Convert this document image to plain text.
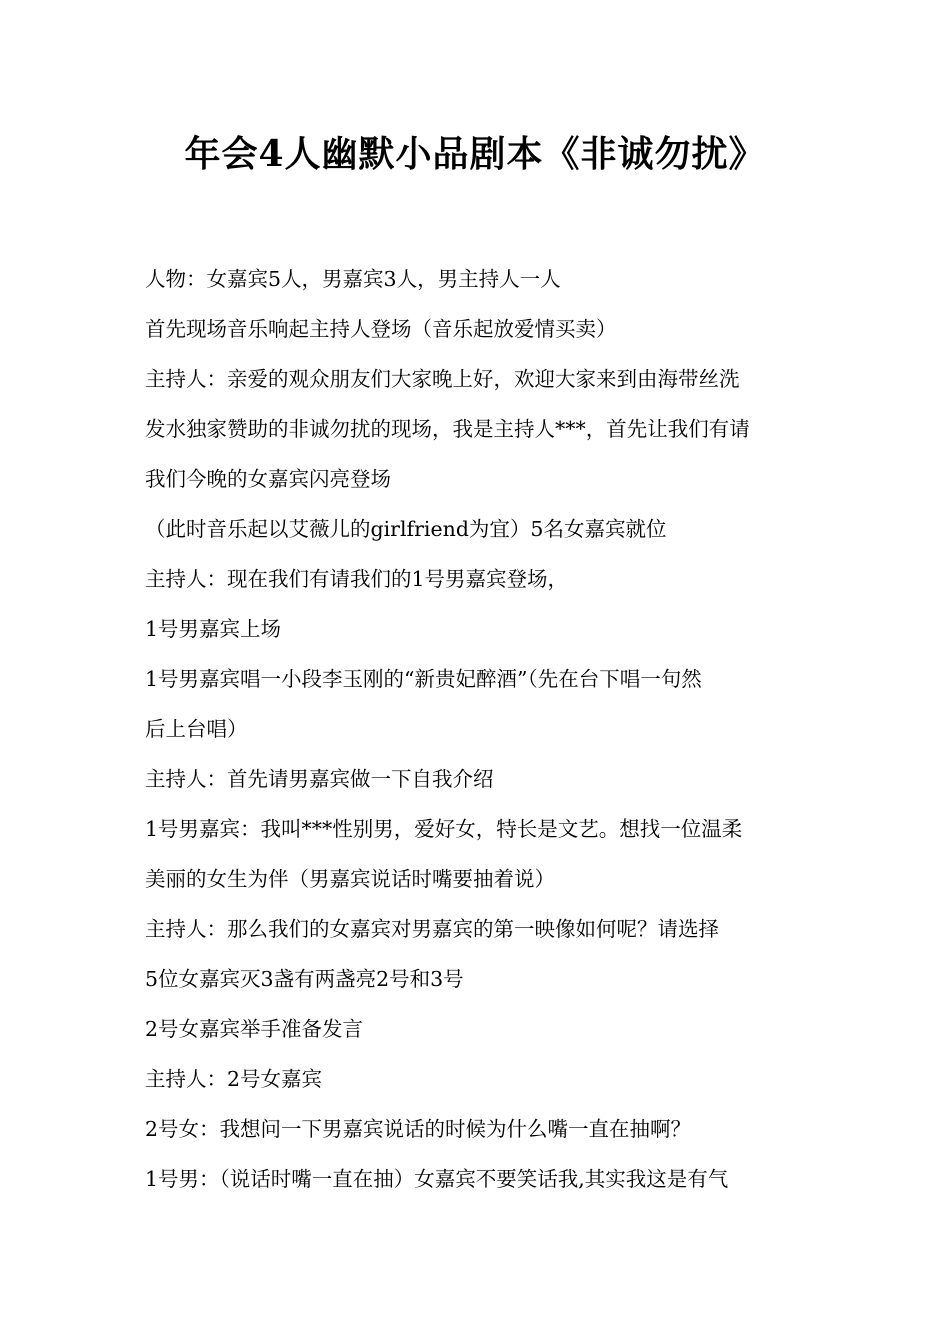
年会4人幽默小品剧本《非诚勿扰》
人物：女嘉宾5人，男嘉宾3人，男主持人一人
首先现场音乐响起主持人登场（音乐起放爱情买卖）
主持人：亲爱的观众朋友们大家晚上好，欢迎大家来到由海带丝洗
发水独家赞助的非诚勿扰的现场，我是主持人***，首先让我们有请
我们今晚的女嘉宾闪亮登场
（此时音乐起以艾薇儿的girlfriend为宜）5名女嘉宾就位
主持人：现在我们有请我们的1号男嘉宾登场，
1号男嘉宾上场
1号男嘉宾唱一小段李玉刚的“新贵妃醉酒”（先在台下唱一句然
后上台唱）
主持人：首先请男嘉宾做一下自我介绍
1号男嘉宾：我叫***性别男，爱好女，特长是文艺。想找一位温柔
美丽的女生为伴（男嘉宾说话时嘴要抽着说）
主持人：那么我们的女嘉宾对男嘉宾的第一映像如何呢？请选择
5位女嘉宾灭3盏有两盏亮2号和3号
2号女嘉宾举手准备发言
主持人：2号女嘉宾
2号女：我想问一下男嘉宾说话的时候为什么嘴一直在抽啊？
1号男：（说话时嘴一直在抽）女嘉宾不要笑话我,其实我这是有气
